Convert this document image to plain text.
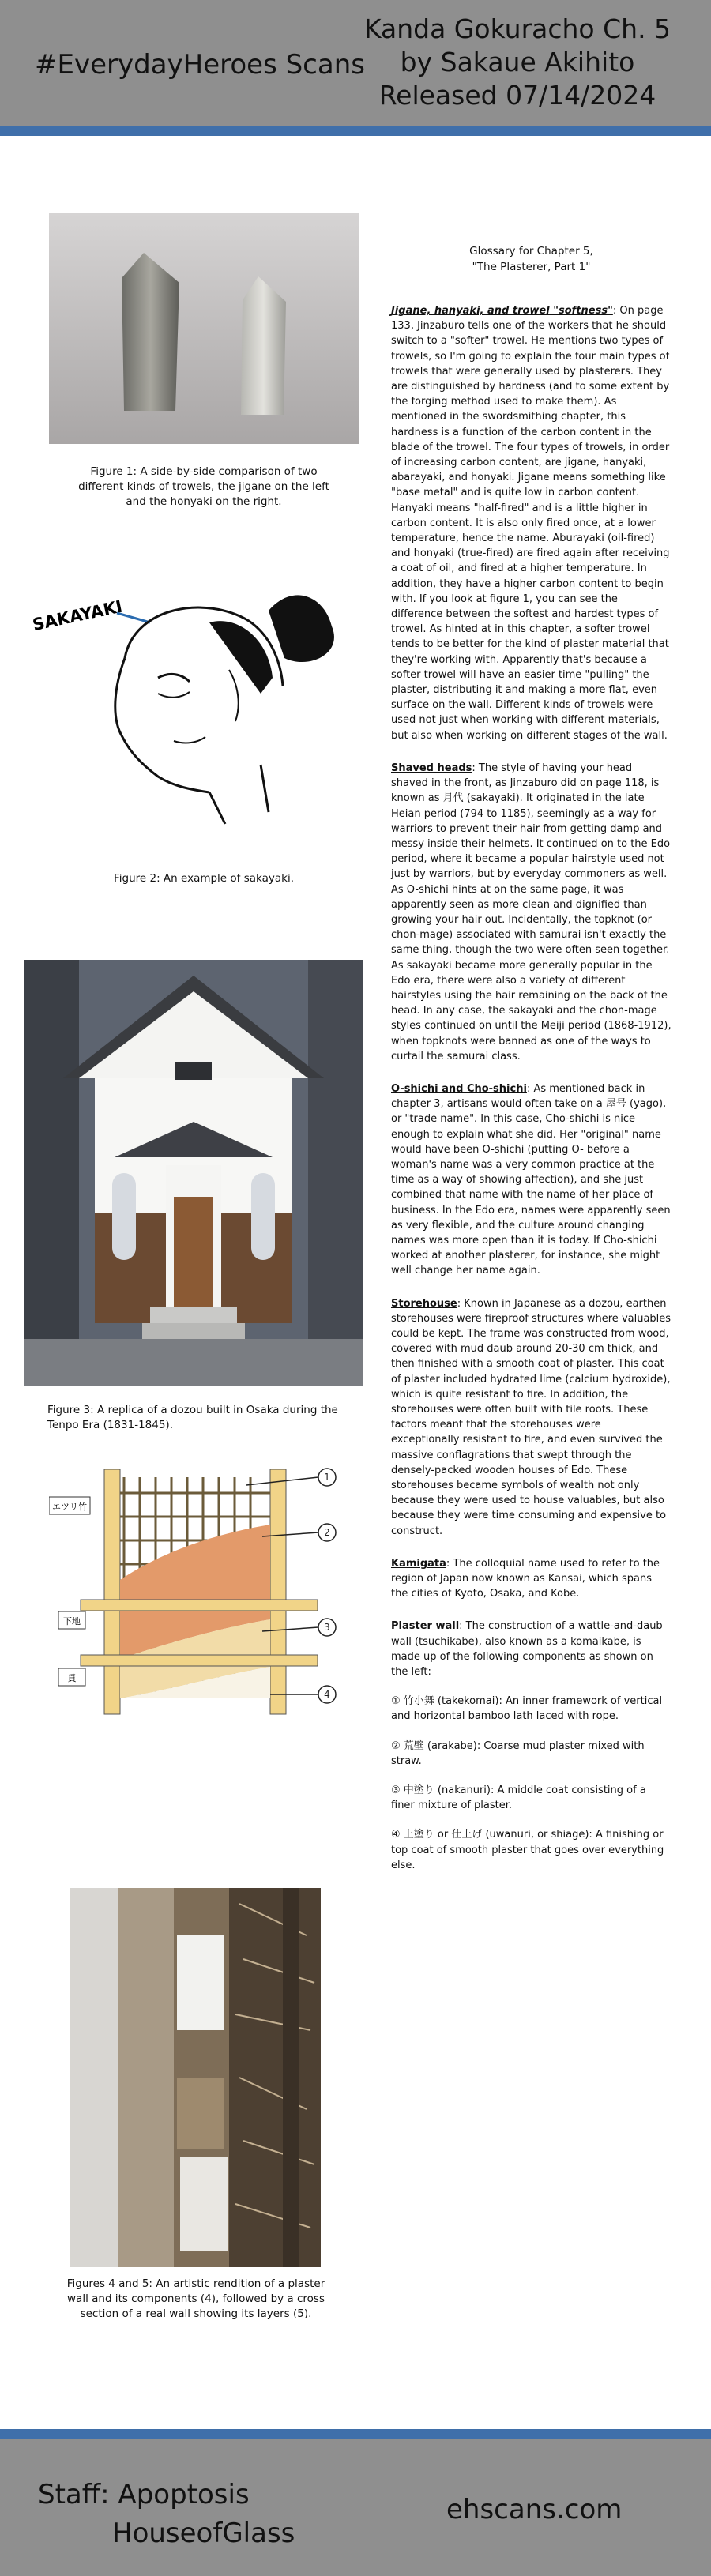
#EverydayHeroes Scans
Kanda Gokuracho Ch. 5
by Sakaue Akihito
Released 07/14/2024
Figure 1: A side-by-side comparison of two different kinds of trowels, the jigane on the left and the honyaki on the right.
SAKAYAKI
Figure 2: An example of sakayaki.
Figure 3: A replica of a dozou built in Osaka during the Tenpo Era (1831-1845).
1
2
3
4
エツリ竹
下地
貫
Figures 4 and 5: An artistic rendition of a plaster wall and its components (4), followed by a cross section of a real wall showing its layers (5).

Glossary for Chapter 5,
"The Plasterer, Part 1"

Jigane, hanyaki, and trowel "softness": On page 133, Jinzaburo tells one of the workers that he should switch to a "softer" trowel. He mentions two types of trowels, so I'm going to explain the four main types of trowels that were generally used by plasterers. They are distinguished by hardness (and to some extent by the forging method used to make them). As mentioned in the swordsmithing chapter, this hardness is a function of the carbon content in the blade of the trowel. The four types of trowels, in order of increasing carbon content, are jigane, hanyaki, abarayaki, and honyaki. Jigane means something like "base metal" and is quite low in carbon content. Hanyaki means "half-fired" and is a little higher in carbon content. It is also only fired once, at a lower temperature, hence the name. Aburayaki (oil-fired) and honyaki (true-fired) are fired again after receiving a coat of oil, and fired at a higher temperature. In addition, they have a higher carbon content to begin with. If you look at figure 1, you can see the difference between the softest and hardest types of trowel. As hinted at in this chapter, a softer trowel tends to be better for the kind of plaster material that they're working with. Apparently that's because a softer trowel will have an easier time "pulling" the plaster, distributing it and making a more flat, even surface on the wall. Different kinds of trowels were used not just when working with different materials, but also when working on different stages of the wall.

Shaved heads: The style of having your head shaved in the front, as Jinzaburo did on page 118, is known as 月代 (sakayaki). It originated in the late Heian period (794 to 1185), seemingly as a way for warriors to prevent their hair from getting damp and messy inside their helmets. It continued on to the Edo period, where it became a popular hairstyle used not just by warriors, but by everyday commoners as well. As O-shichi hints at on the same page, it was apparently seen as more clean and dignified than growing your hair out. Incidentally, the topknot (or chon-mage) associated with samurai isn't exactly the same thing, though the two were often seen together. As sakayaki became more generally popular in the Edo era, there were also a variety of different hairstyles using the hair remaining on the back of the head. In any case, the sakayaki and the chon-mage styles continued on until the Meiji period (1868-1912), when topknots were banned as one of the ways to curtail the samurai class.

O-shichi and Cho-shichi: As mentioned back in chapter 3, artisans would often take on a 屋号 (yago), or "trade name". In this case, Cho-shichi is nice enough to explain what she did. Her "original" name would have been O-shichi (putting O- before a woman's name was a very common practice at the time as a way of showing affection), and she just combined that name with the name of her place of business. In the Edo era, names were apparently seen as very flexible, and the culture around changing names was more open than it is today. If Cho-shichi worked at another plasterer, for instance, she might well change her name again.

Storehouse: Known in Japanese as a dozou, earthen storehouses were fireproof structures where valuables could be kept. The frame was constructed from wood, covered with mud daub around 20-30 cm thick, and then finished with a smooth coat of plaster. This coat of plaster included hydrated lime (calcium hydroxide), which is quite resistant to fire. In addition, the storehouses were often built with tile roofs. These factors meant that the storehouses were exceptionally resistant to fire, and even survived the massive conflagrations that swept through the densely-packed wooden houses of Edo. These storehouses became symbols of wealth not only because they were used to house valuables, but also because they were time consuming and expensive to construct.

Kamigata: The colloquial name used to refer to the region of Japan now known as Kansai, which spans the cities of Kyoto, Osaka, and Kobe.

Plaster wall: The construction of a wattle-and-daub wall (tsuchikabe), also known as a komaikabe, is made up of the following components as shown on the left:

① 竹小舞 (takekomai): An inner framework of vertical and horizontal bamboo lath laced with rope.

② 荒壁 (arakabe): Coarse mud plaster mixed with straw.

③ 中塗り (nakanuri): A middle coat consisting of a finer mixture of plaster.

④ 上塗り or 仕上げ (uwanuri, or shiage): A finishing or top coat of smooth plaster that goes over everything else.

Staff: Apoptosis
HouseofGlass
ehscans.com
